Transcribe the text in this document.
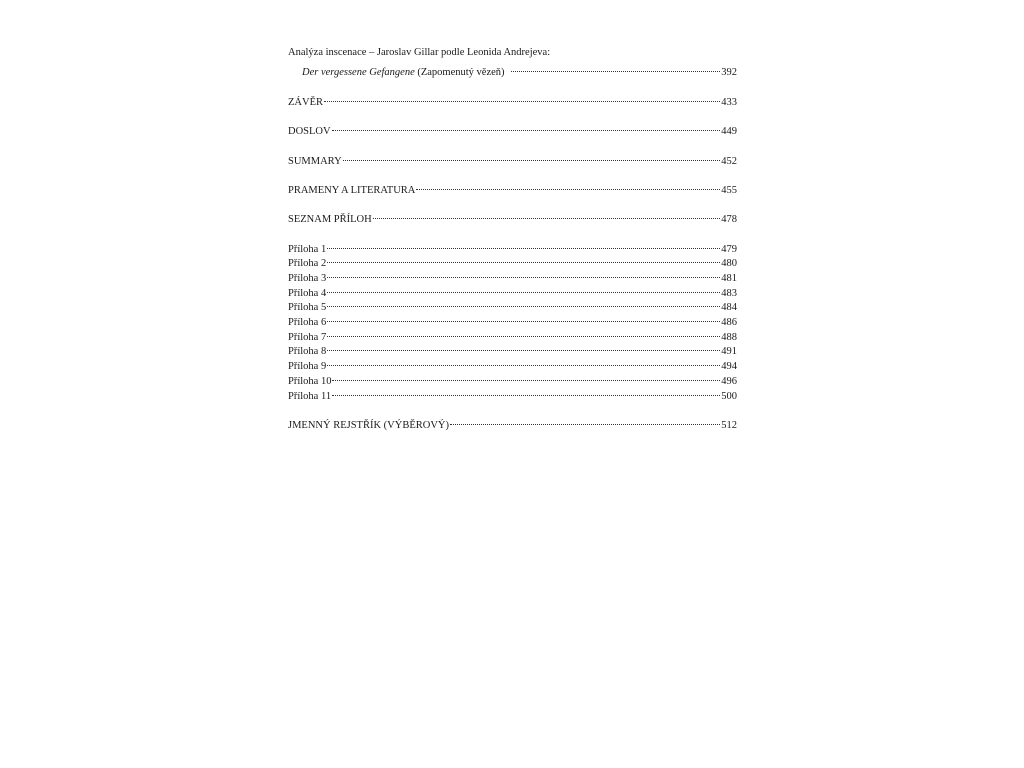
Analýza inscenace – Jaroslav Gillar podle Leonida Andrejeva:
Der vergessene Gefangene (Zapomenutý vězeň)	392
ZÁVĚR	433
DOSLOV	449
SUMMARY	452
PRAMENY A LITERATURA	455
SEZNAM PŘÍLOH	478
Příloha 1	479
Příloha 2	480
Příloha 3	481
Příloha 4	483
Příloha 5	484
Příloha 6	486
Příloha 7	488
Příloha 8	491
Příloha 9	494
Příloha 10	496
Příloha 11	500
JMENNÝ REJSTŘÍK (VÝBĚROVÝ)	512
